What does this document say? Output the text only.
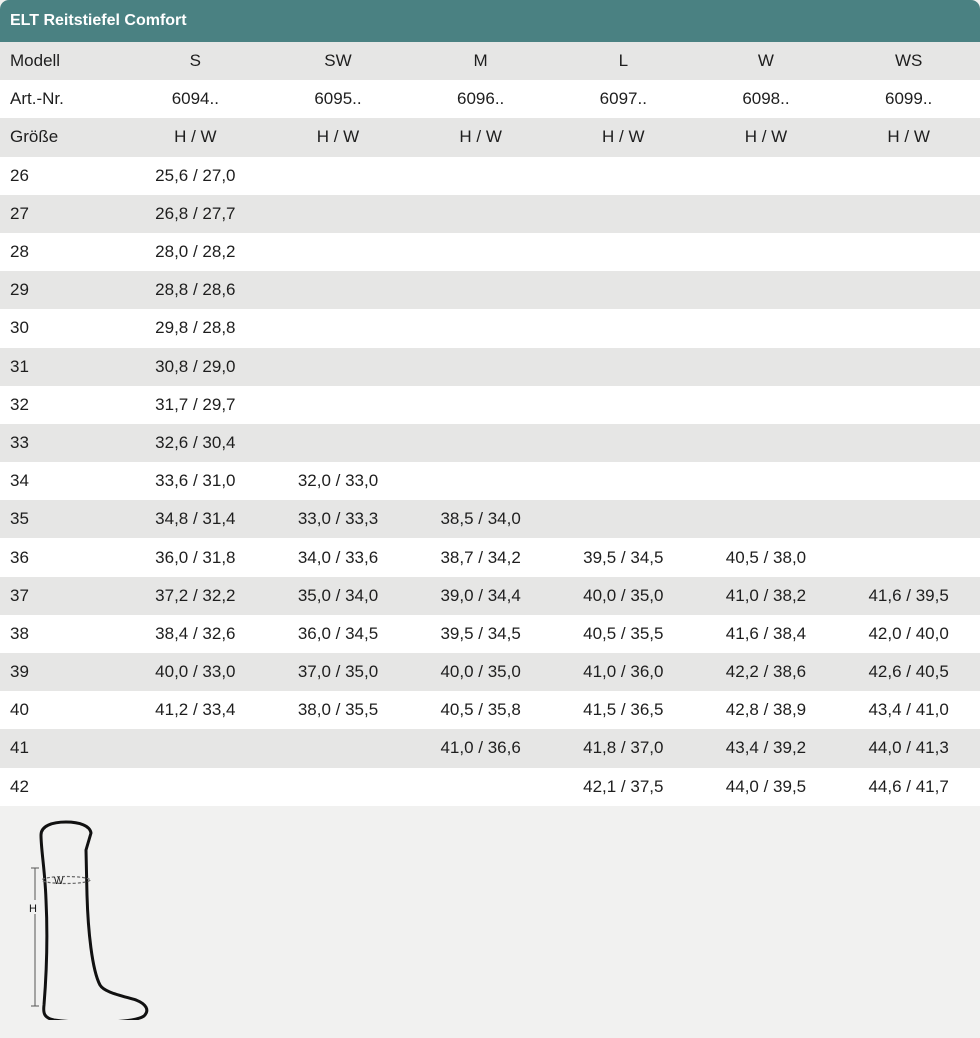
ELT Reitstiefel Comfort
Modell	S	SW	M	L	W	WS
Art.-Nr.	6094..	6095..	6096..	6097..	6098..	6099..
Größe	H / W	H / W	H / W	H / W	H / W	H / W
26	25,6 / 27,0					
27	26,8 / 27,7					
28	28,0 / 28,2					
29	28,8 / 28,6					
30	29,8 / 28,8					
31	30,8 / 29,0					
32	31,7 / 29,7					
33	32,6 / 30,4					
34	33,6 / 31,0	32,0 / 33,0				
35	34,8 / 31,4	33,0 / 33,3	38,5 / 34,0			
36	36,0 / 31,8	34,0 / 33,6	38,7 / 34,2	39,5 / 34,5	40,5 / 38,0	
37	37,2 / 32,2	35,0 / 34,0	39,0 / 34,4	40,0 / 35,0	41,0 / 38,2	41,6 / 39,5
38	38,4 / 32,6	36,0 / 34,5	39,5 / 34,5	40,5 / 35,5	41,6 / 38,4	42,0 / 40,0
39	40,0 / 33,0	37,0 / 35,0	40,0 / 35,0	41,0 / 36,0	42,2 / 38,6	42,6 / 40,5
40	41,2 / 33,4	38,0 / 35,5	40,5 / 35,8	41,5 / 36,5	42,8 / 38,9	43,4 / 41,0
41			41,0 / 36,6	41,8 / 37,0	43,4 / 39,2	44,0 / 41,3
42				42,1 / 37,5	44,0 / 39,5	44,6 / 41,7
W
H
